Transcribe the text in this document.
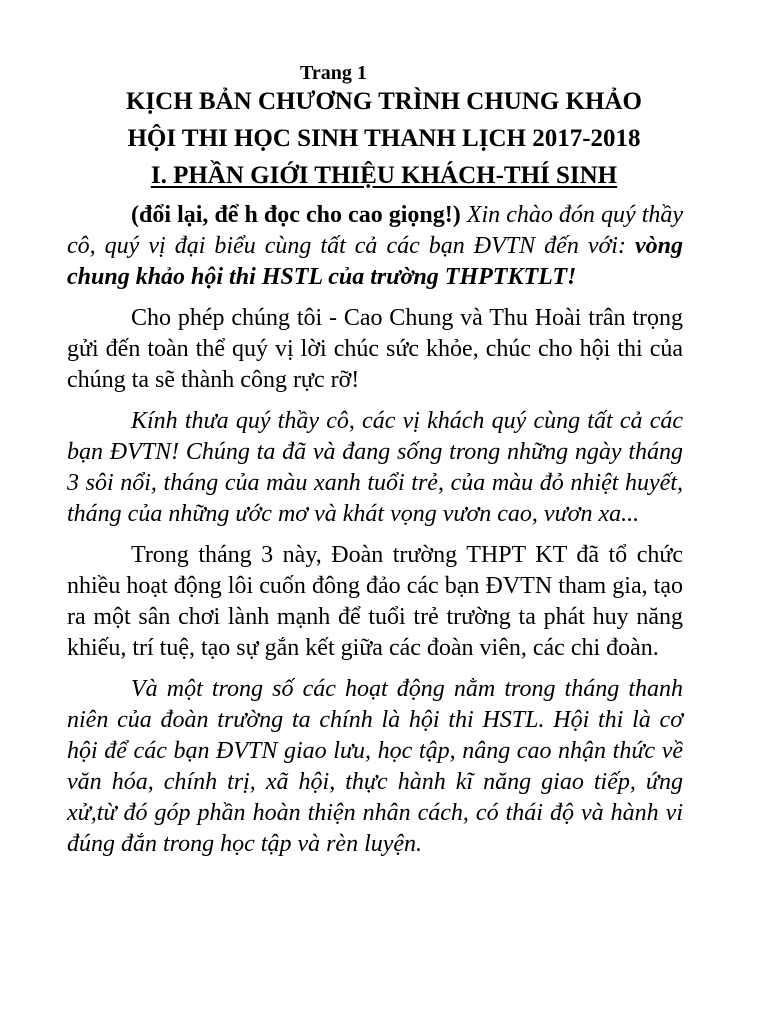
Trang 1
KỊCH BẢN CHƯƠNG TRÌNH CHUNG KHẢO
HỘI THI HỌC SINH THANH LỊCH 2017-2018
I. PHẦN GIỚI THIỆU KHÁCH-THÍ SINH

(đổi lại, để h đọc cho cao giọng!) Xin chào đón quý thầy cô, quý vị đại biểu cùng tất cả các bạn ĐVTN đến với: vòng chung khảo hội thi HSTL của trường THPTKTLT!

Cho phép chúng tôi - Cao Chung và Thu Hoài trân trọng gửi đến toàn thể quý vị lời chúc sức khỏe, chúc cho hội thi của chúng ta sẽ thành công rực rỡ!

Kính thưa quý thầy cô, các vị khách quý cùng tất cả các bạn ĐVTN! Chúng ta đã và đang sống trong những ngày tháng 3 sôi nổi, tháng của màu xanh tuổi trẻ, của màu đỏ nhiệt huyết, tháng của những ước mơ và khát vọng vươn cao, vươn xa...

Trong tháng 3 này, Đoàn trường THPT KT đã tổ chức nhiều hoạt động lôi cuốn đông đảo các bạn ĐVTN tham gia, tạo ra một sân chơi lành mạnh để tuổi trẻ trường ta phát huy năng khiếu, trí tuệ, tạo sự gắn kết giữa các đoàn viên, các chi đoàn.

Và một trong số các hoạt động nằm trong tháng thanh niên của đoàn trường ta chính là hội thi HSTL. Hội thi là cơ hội để các bạn ĐVTN giao lưu, học tập, nâng cao nhận thức về văn hóa, chính trị, xã hội, thực hành kĩ năng giao tiếp, ứng xử,từ đó góp phần hoàn thiện nhân cách, có thái độ và hành vi đúng đắn trong học tập và rèn luyện.
